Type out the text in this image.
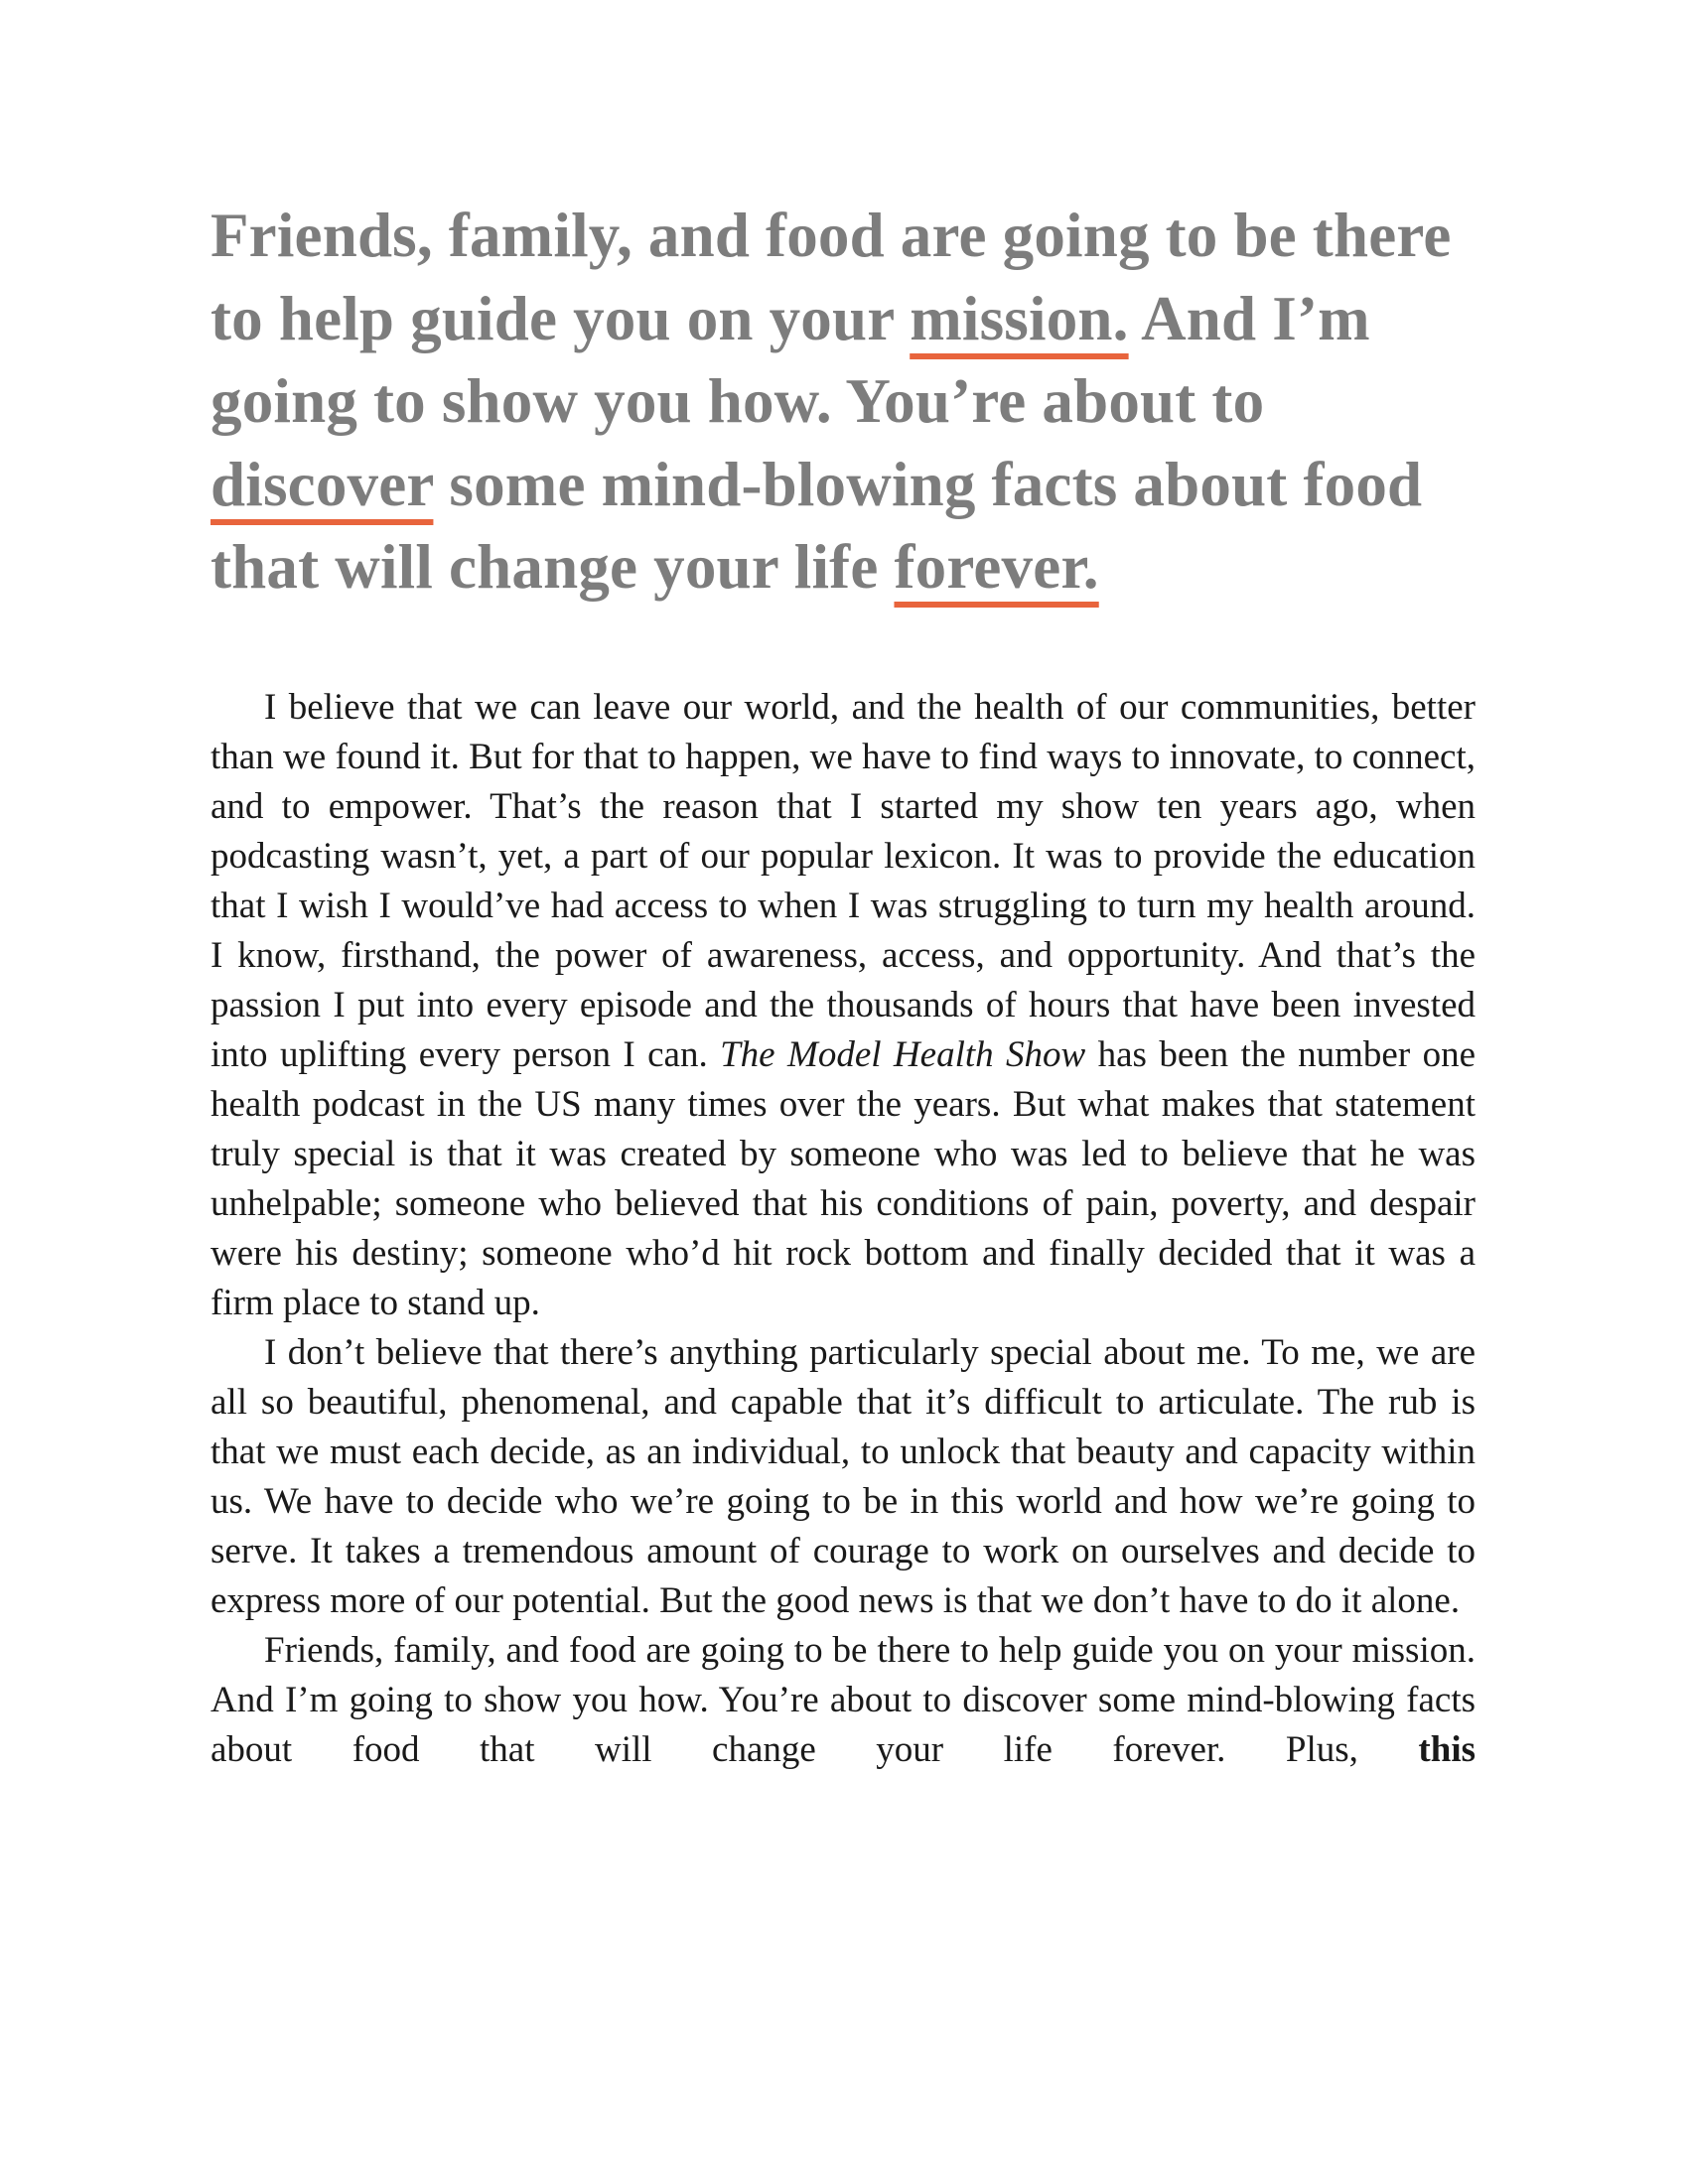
Friends, family, and food are going to be there to help guide you on your mission. And I’m going to show you how. You’re about to discover some mind-blowing facts about food that will change your life forever.

I believe that we can leave our world, and the health of our communities, better than we found it. But for that to happen, we have to find ways to innovate, to connect, and to empower. That’s the reason that I started my show ten years ago, when podcasting wasn’t, yet, a part of our popular lexicon. It was to provide the education that I wish I would’ve had access to when I was struggling to turn my health around. I know, firsthand, the power of awareness, access, and opportunity. And that’s the passion I put into every episode and the thousands of hours that have been invested into uplifting every person I can. The Model Health Show has been the number one health podcast in the US many times over the years. But what makes that statement truly special is that it was created by someone who was led to believe that he was unhelpable; someone who believed that his conditions of pain, poverty, and despair were his destiny; someone who’d hit rock bottom and finally decided that it was a firm place to stand up.

I don’t believe that there’s anything particularly special about me. To me, we are all so beautiful, phenomenal, and capable that it’s difficult to articulate. The rub is that we must each decide, as an individual, to unlock that beauty and capacity within us. We have to decide who we’re going to be in this world and how we’re going to serve. It takes a tremendous amount of courage to work on ourselves and decide to express more of our potential. But the good news is that we don’t have to do it alone.

Friends, family, and food are going to be there to help guide you on your mission. And I’m going to show you how. You’re about to discover some mind-blowing facts about food that will change your life forever. Plus, this
